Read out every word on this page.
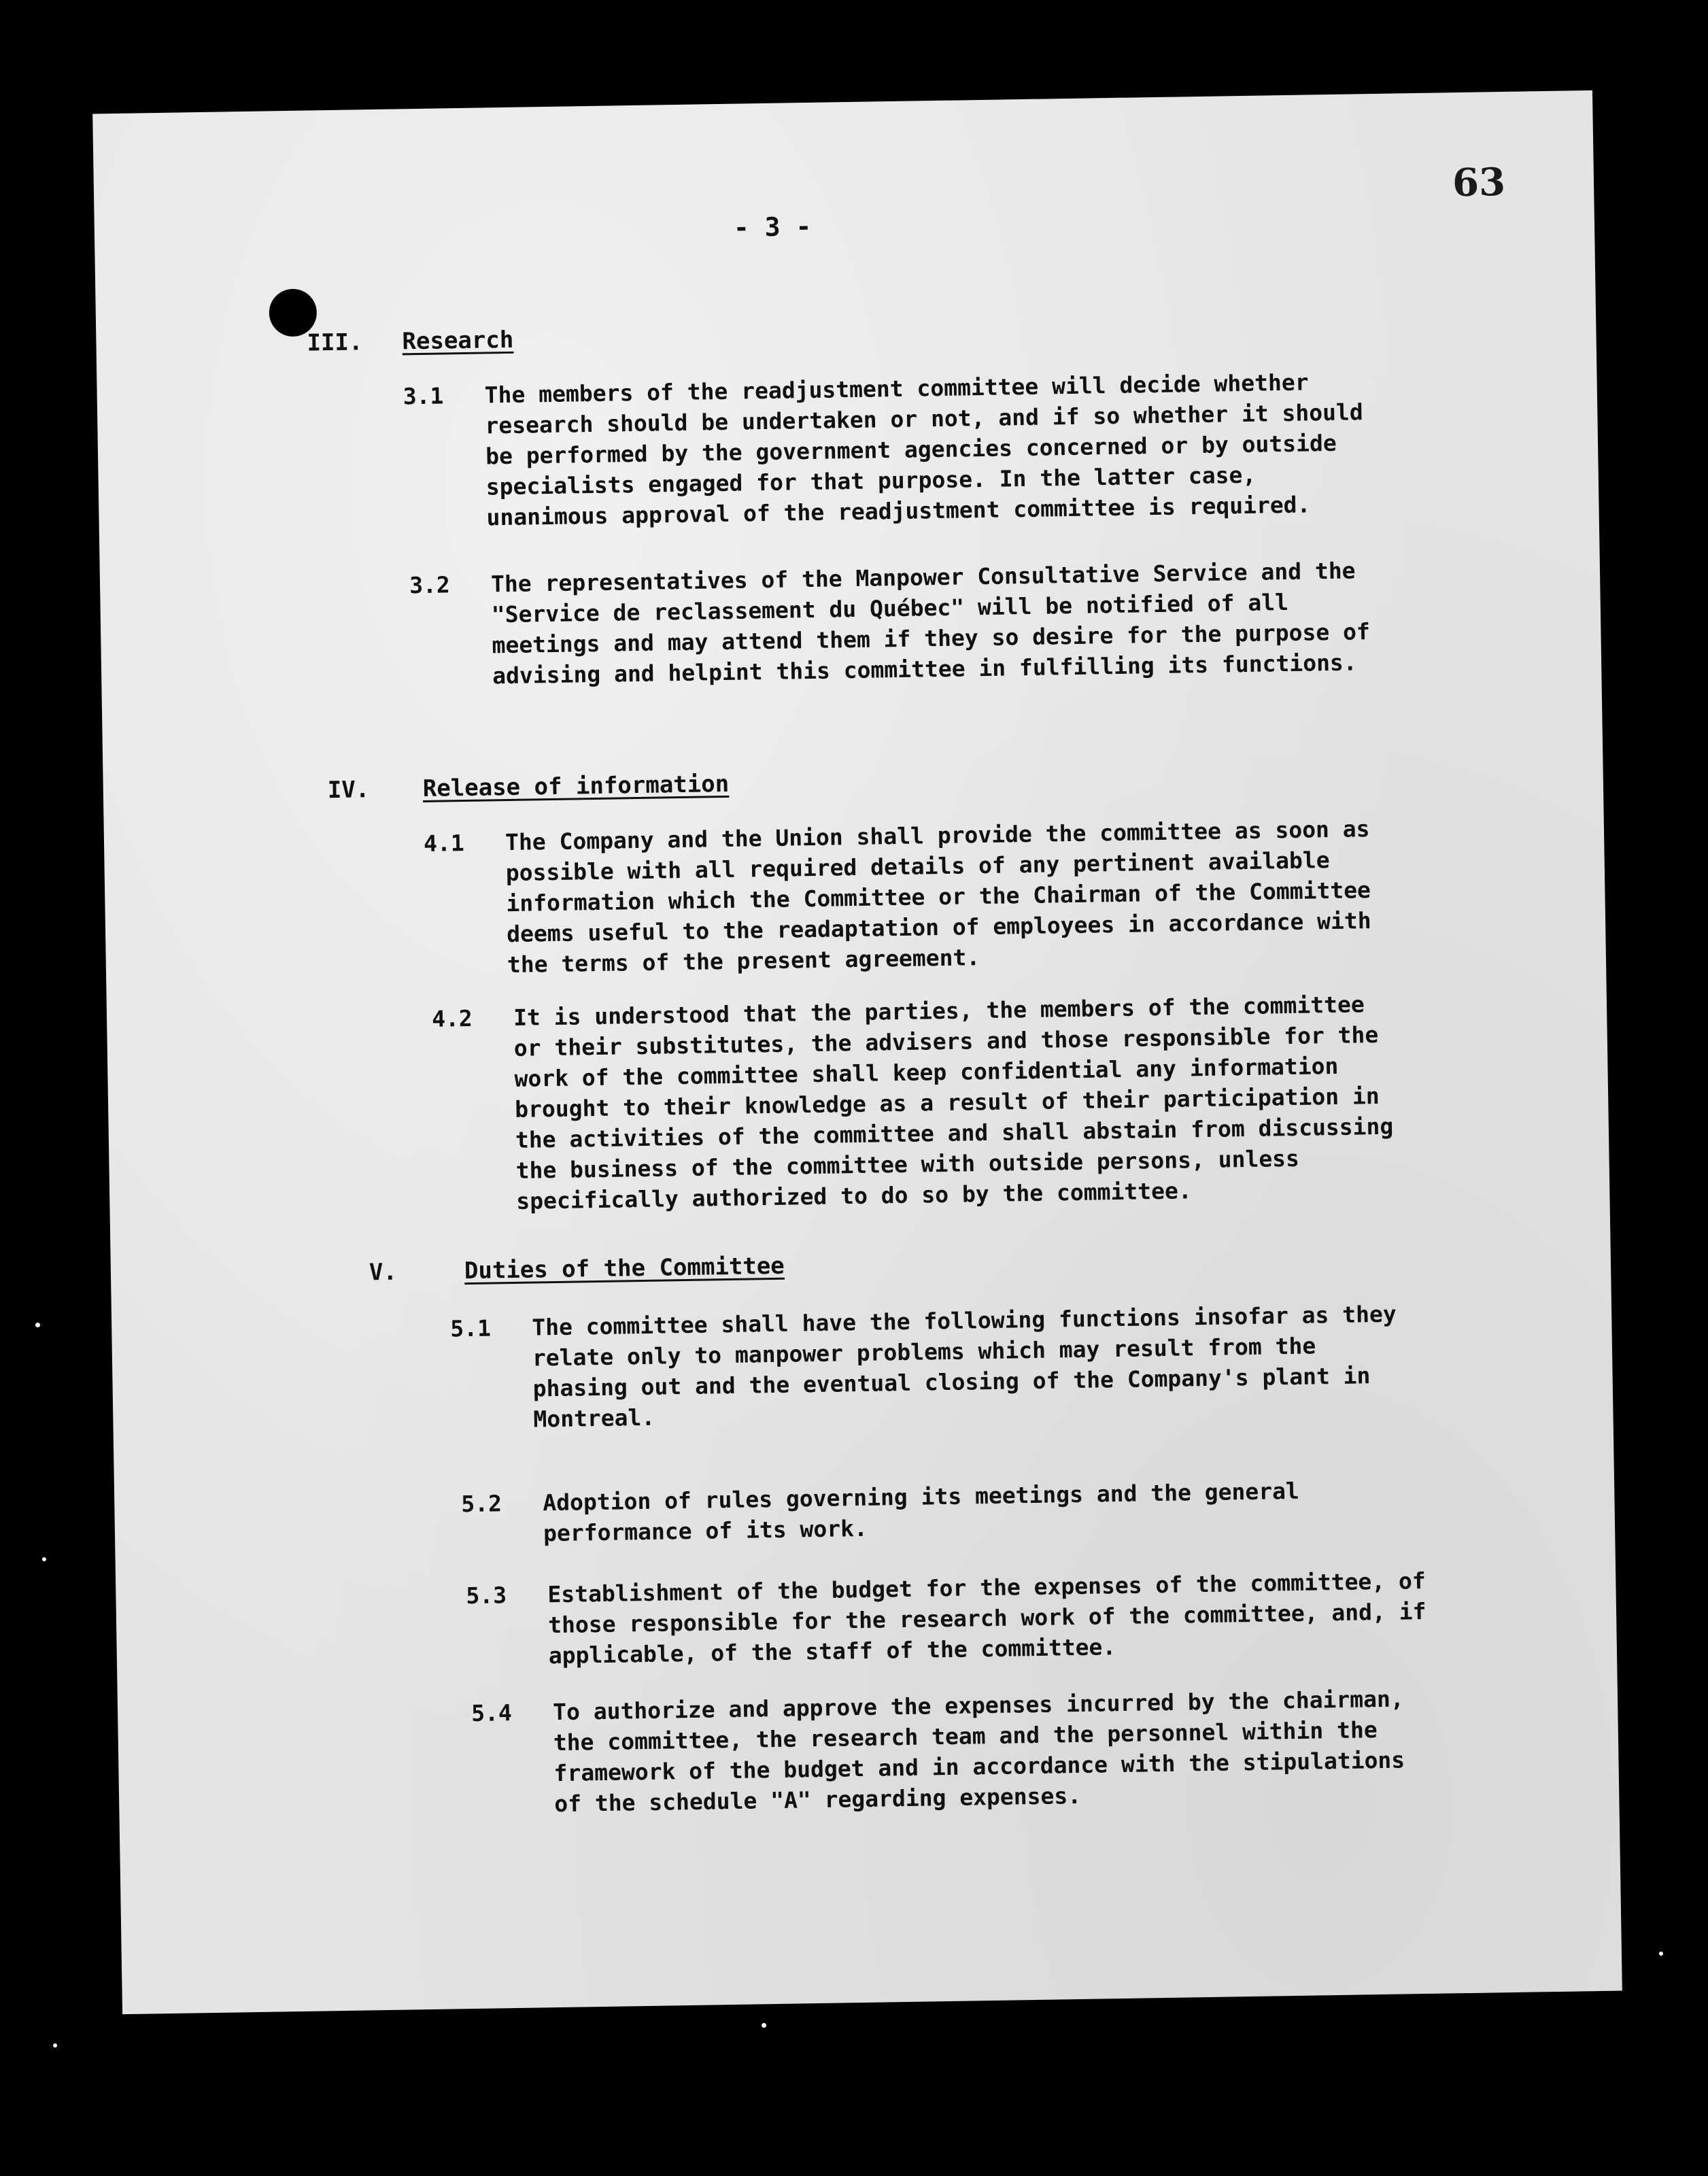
63
- 3 -
III. Research
3.1	The members of the readjustment committee will decide whether research should be undertaken or not, and if so whether it should be performed by the government agencies concerned or by outside specialists engaged for that purpose. In the latter case, unanimous approval of the readjustment committee is required.
3.2	The representatives of the Manpower Consultative Service and the "Service de reclassement du Québec" will be notified of all meetings and may attend them if they so desire for the purpose of advising and helpint this committee in fulfilling its functions.
IV. Release of information
4.1	The Company and the Union shall provide the committee as soon as possible with all required details of any pertinent available information which the Committee or the Chairman of the Committee deems useful to the readaptation of employees in accordance with the terms of the present agreement.
4.2	It is understood that the parties, the members of the committee or their substitutes, the advisers and those responsible for the work of the committee shall keep confidential any information brought to their knowledge as a result of their participation in the activities of the committee and shall abstain from discussing the business of the committee with outside persons, unless specifically authorized to do so by the committee.
V.	Duties of the Committee
5.1	The committee shall have the following functions insofar as they relate only to manpower problems which may result from the phasing out and the eventual closing of the Company's plant in Montreal.
5.2	Adoption of rules governing its meetings and the general performance of its work.
5.3	Establishment of the budget for the expenses of the committee, of those responsible for the research work of the committee, and, if applicable, of the staff of the committee.
5.4	To authorize and approve the expenses incurred by the chairman, the committee, the research team and the personnel within the framework of the budget and in accordance with the stipulations of the schedule "A" regarding expenses.
